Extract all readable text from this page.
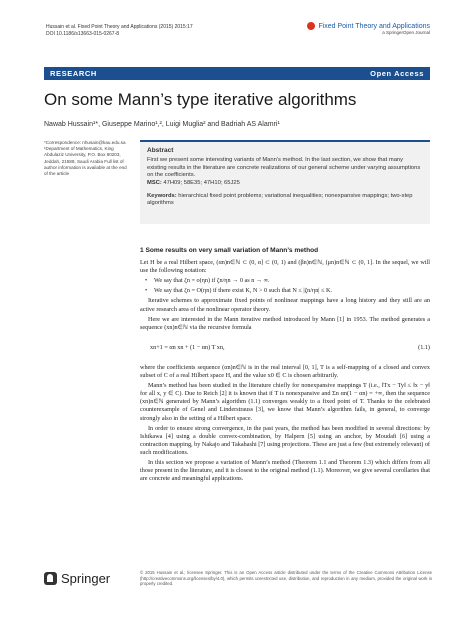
Hussain et al. Fixed Point Theory and Applications (2015) 2015:17
DOI 10.1186/s13663-015-0267-8
Fixed Point Theory and Applications
a SpringerOpen Journal
RESEARCH	Open Access
On some Mann’s type iterative algorithms
Nawab Hussain¹*, Giuseppe Marino¹,², Luigi Muglia² and Badriah AS Alamri¹
*Correspondence: nhusain@kau.edu.sa ¹Department of Mathematics, King Abdulaziz University, P.O. Box 80203, Jeddah, 21589, Saudi Arabia Full list of author information is available at the end of the article
Abstract
First we present some interesting variants of Mann’s method. In the last section, we show that many existing results in the literature are concrete realizations of our general scheme under varying assumptions on the coefficients.
MSC: 47H09; 58E35; 47H10; 65J25
Keywords: hierarchical fixed point problems; variational inequalities; nonexpansive mappings; two-step algorithms
1 Some results on very small variation of Mann’s method

Let H be a real Hilbert space, (αn)n∈ℕ ⊂ (0, α] ⊂ (0, 1) and (βn)n∈ℕ, (μn)n∈ℕ ⊂ (0, 1]. In the sequel, we will use the following notation:

• We say that ζn = o(ηn) if ζn/ηn → 0 as n → ∞.

• We say that ζn = O(ηn) if there exist K, N > 0 such that N ≤ |ζn/ηn| ≤ K.

Iterative schemes to approximate fixed points of nonlinear mappings have a long history and they still are an active research area of the nonlinear operator theory.

Here we are interested in the Mann iterative method introduced by Mann [1] in 1953. The method generates a sequence (xn)n∈ℕ via the recursive formula

xn+1 = αn xn + (1 − αn) T xn,	(1.1)

where the coefficients sequence (αn)n∈ℕ is in the real interval [0, 1], T is a self-mapping of a closed and convex subset of C of a real Hilbert space H, and the value x0 ∈ C is chosen arbitrarily.

Mann’s method has been studied in the literature chiefly for nonexpansive mappings T (i.e., ‖Tx − Ty‖ ≤ ‖x − y‖ for all x, y ∈ C). Due to Reich [2] it is known that if T is nonexpansive and Σn αn(1 − αn) = +∞, then the sequence (xn)n∈ℕ generated by Mann’s algorithm (1.1) converges weakly to a fixed point of T. Thanks to the celebrated counterexample of Genel and Linderstrauss [3], we know that Mann’s algorithm fails, in general, to converge strongly also in the setting of a Hilbert space.

In order to ensure strong convergence, in the past years, the method has been modified in several directions: by Ishikawa [4] using a double convex-combination, by Halpern [5] using an anchor, by Moudafi [6] using a contraction mapping, by Nakajo and Takahashi [7] using projections. These are just a few (but extremely relevant) of such modifications.

In this section we propose a variation of Mann’s method (Theorem 1.1 and Theorem 1.3) which differs from all those present in the literature, and it is closest to the original method (1.1). Moreover, we give several corollaries that are concrete and meaningful applications.

Springer	© 2015 Hussain et al.; licensee Springer. This is an Open Access article distributed under the terms of the Creative Commons Attribution License (http://creativecommons.org/licenses/by/4.0), which permits unrestricted use, distribution, and reproduction in any medium, provided the original work is properly credited.
